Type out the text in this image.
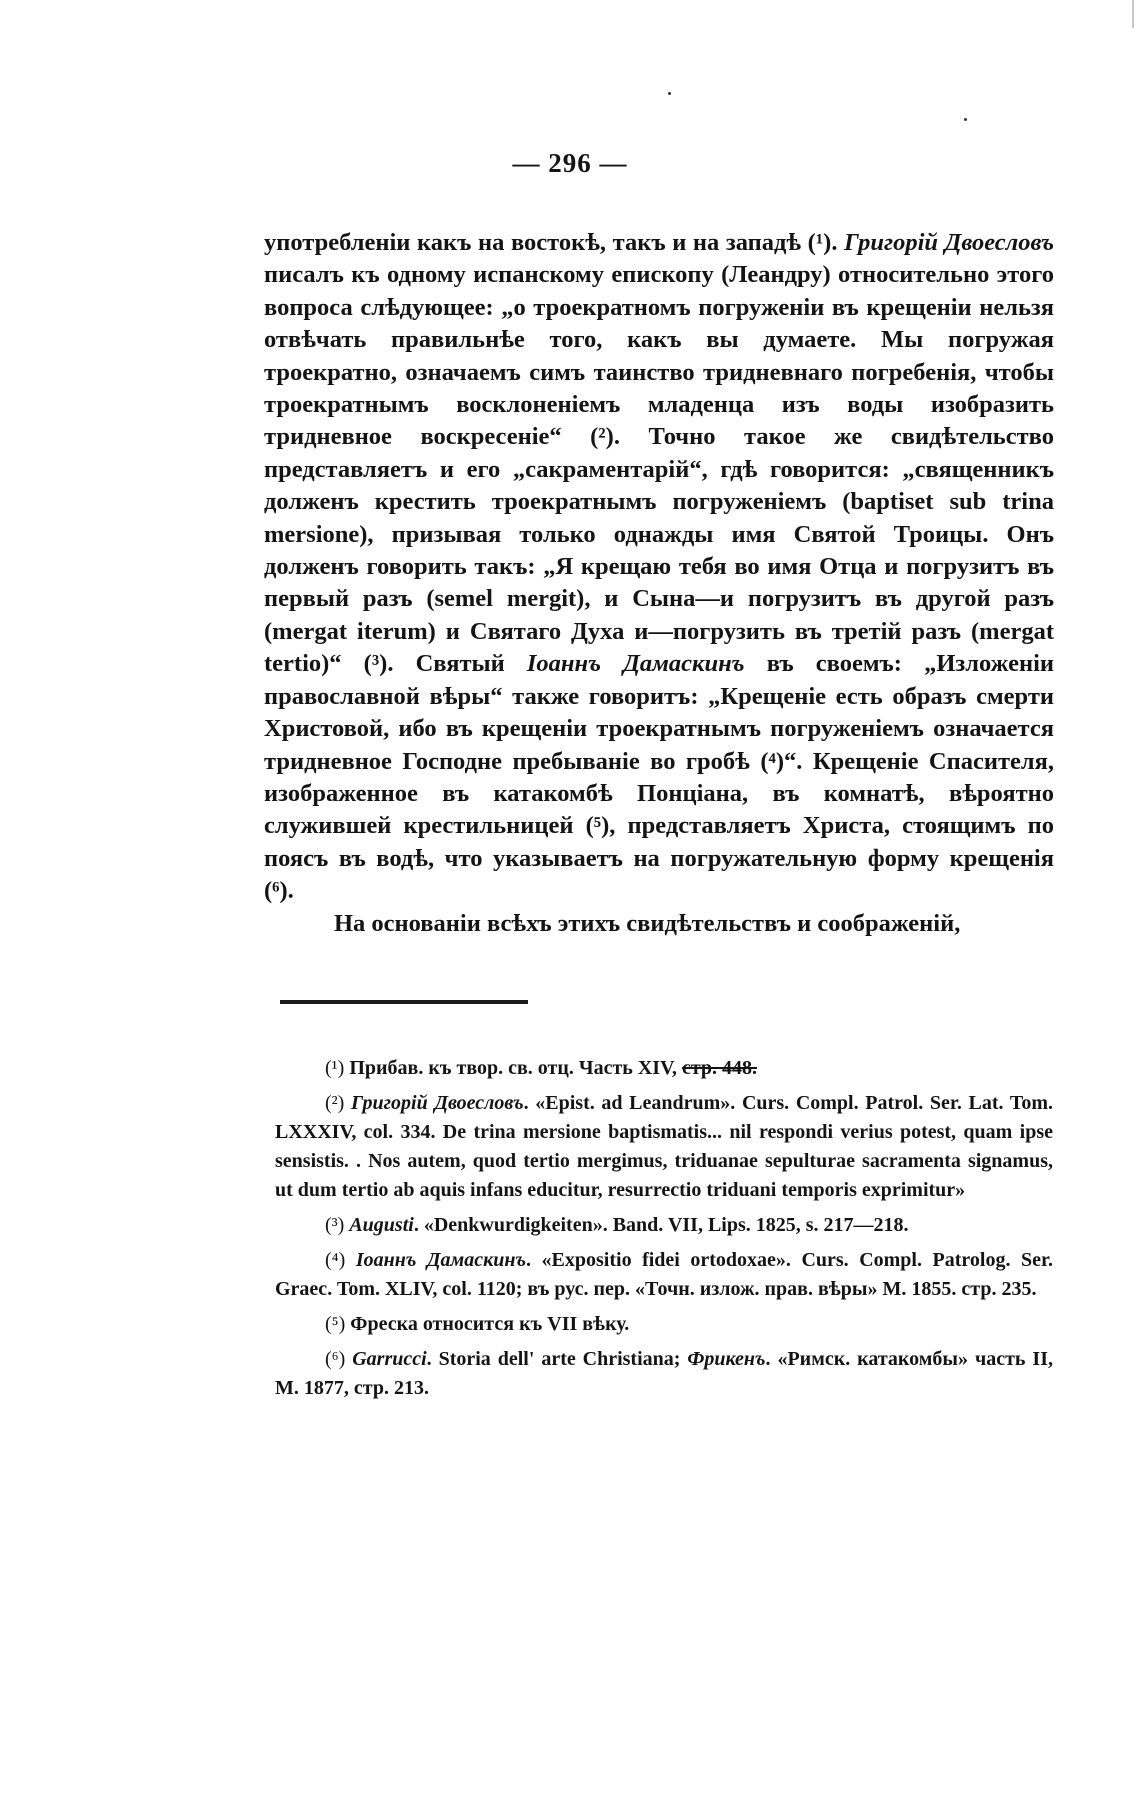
— 296 —

употребленіи какъ на востокѣ, такъ и на западѣ (¹). Григорій Двоесловъ писалъ къ одному испанскому епископу (Леандру) относительно этого вопроса слѣдующее: „о троекратномъ погруженіи въ крещеніи нельзя отвѣчать правильнѣе того, какъ вы думаете. Мы погружая троекратно, означаемъ симъ таинство тридневнаго погребенія, чтобы троекратнымъ восклоненіемъ младенца изъ воды изобразить тридневное воскресеніе“ (²). Точно такое же свидѣтельство представляетъ и его „сакраментарій“, гдѣ говорится: „священникъ долженъ крестить троекратнымъ погруженіемъ (baptiset sub trina mersione), призывая только однажды имя Святой Троицы. Онъ долженъ говорить такъ: „Я крещаю тебя во имя Отца и погрузитъ въ первый разъ (semel mergit), и Сына—и погрузитъ въ другой разъ (mergat iterum) и Святаго Духа и—погрузить въ третій разъ (mergat tertio)“ (³). Святый Іоаннъ Дамаскинъ въ своемъ: „Изложеніи православной вѣры“ также говоритъ: „Крещеніе есть образъ смерти Христовой, ибо въ крещеніи троекратнымъ погруженіемъ означается тридневное Господне пребываніе во гробѣ (⁴)“. Крещеніе Спасителя, изображенное въ катакомбѣ Понціана, въ комнатѣ, вѣроятно служившей крестильницей (⁵), представляетъ Христа, стоящимъ по поясъ въ водѣ, что указываетъ на погружательную форму крещенія (⁶).

На основаніи всѣхъ этихъ свидѣтельствъ и соображеній,

(¹) Прибав. къ твор. св. отц. Часть XIV, стр. 448.

(²) Григорій Двоесловъ. «Epist. ad Leandrum». Curs. Compl. Patrol. Ser. Lat. Tom. LXXXIV, col. 334. De trina mersione baptismatis... nil respondi verius potest, quam ipse sensistis. . Nos autem, quod tertio mergimus, triduanae sepulturae sacramenta signamus, ut dum tertio ab aquis infans educitur, resurrectio triduani temporis exprimitur»

(³) Augusti. «Denkwurdigkeiten». Band. VII, Lips. 1825, s. 217—218.

(⁴) Іоаннъ Дамаскинъ. «Expositio fidei ortodoxae». Curs. Compl. Patrolog. Ser. Graec. Tom. XLIV, col. 1120; въ рус. пер. «Точн. излож. прав. вѣры» М. 1855. стр. 235.

(⁵) Фреска относится къ VII вѣку.

(⁶) Garrucci. Storia dell' arte Christiana; Фрикенъ. «Римск. катакомбы» часть II, М. 1877, стр. 213.
